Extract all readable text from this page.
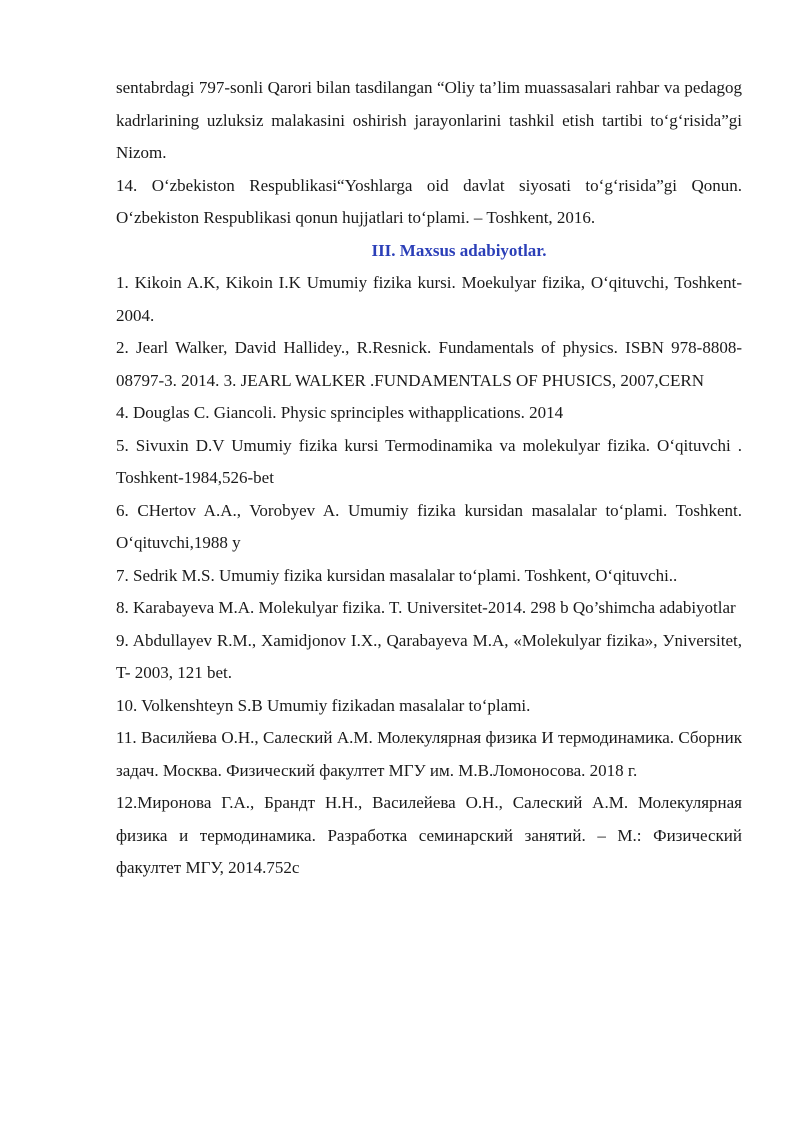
sentabrdagi 797-sonli Qarori bilan tasdilangan “Oliy ta’lim muassasalari rahbar va pedagog kadrlarining uzluksiz malakasini oshirish jarayonlarini tashkil etish tartibi to‘g‘risida”gi Nizom.

14. O‘zbekiston Respublikasi“Yoshlarga oid davlat siyosati to‘g‘risida”gi Qonun. O‘zbekiston Respublikasi qonun hujjatlari to‘plami. – Toshkent, 2016.

III. Maxsus adabiyotlar.

1. Kikoin A.K, Kikoin I.K Umumiy fizika kursi. Moekulyar fizika, O‘qituvchi, Toshkent-2004.

2. Jearl Walker, David Hallidey., R.Resnick. Fundamentals of physics. ISBN 978-8808-08797-3. 2014. 3. JEARL WALKER .FUNDAMENTALS OF PHUSICS, 2007,CERN

4. Douglas C. Giancoli. Physic sprinciples withapplications. 2014

5. Sivuxin D.V Umumiy fizika kursi Termodinamika va molekulyar fizika. O‘qituvchi . Toshkent-1984,526-bet

6. CHertov A.A., Vorobyev A. Umumiy fizika kursidan masalalar to‘plami. Toshkent. O‘qituvchi,1988 y

7. Sedrik M.S. Umumiy fizika kursidan masalalar to‘plami. Toshkent, O‘qituvchi..

8. Karabayeva M.A. Molekulyar fizika. T. Universitet-2014. 298 b Qo’shimcha adabiyotlar

9. Abdullayev R.M., Xamidjonov I.X., Qarabayeva M.A, «Molekulyar fizika», Уniversitet, T- 2003, 121 bet.

10. Volkenshteуn S.B Umumiy fizikadan masalalar to‘plami.

11. Василйева О.Н., Салеский А.М. Молекулярная физика И термодинамика. Сборник задач. Москва. Физический факултет МГУ им. М.В.Ломоносова. 2018 г.

12.Миронова Г.А., Брандт Н.Н., Василейева О.Н., Салеский А.М. Молекулярная физика и термодинамика. Разработка семинарский занятий. – М.: Физический факултет МГУ, 2014.752с
